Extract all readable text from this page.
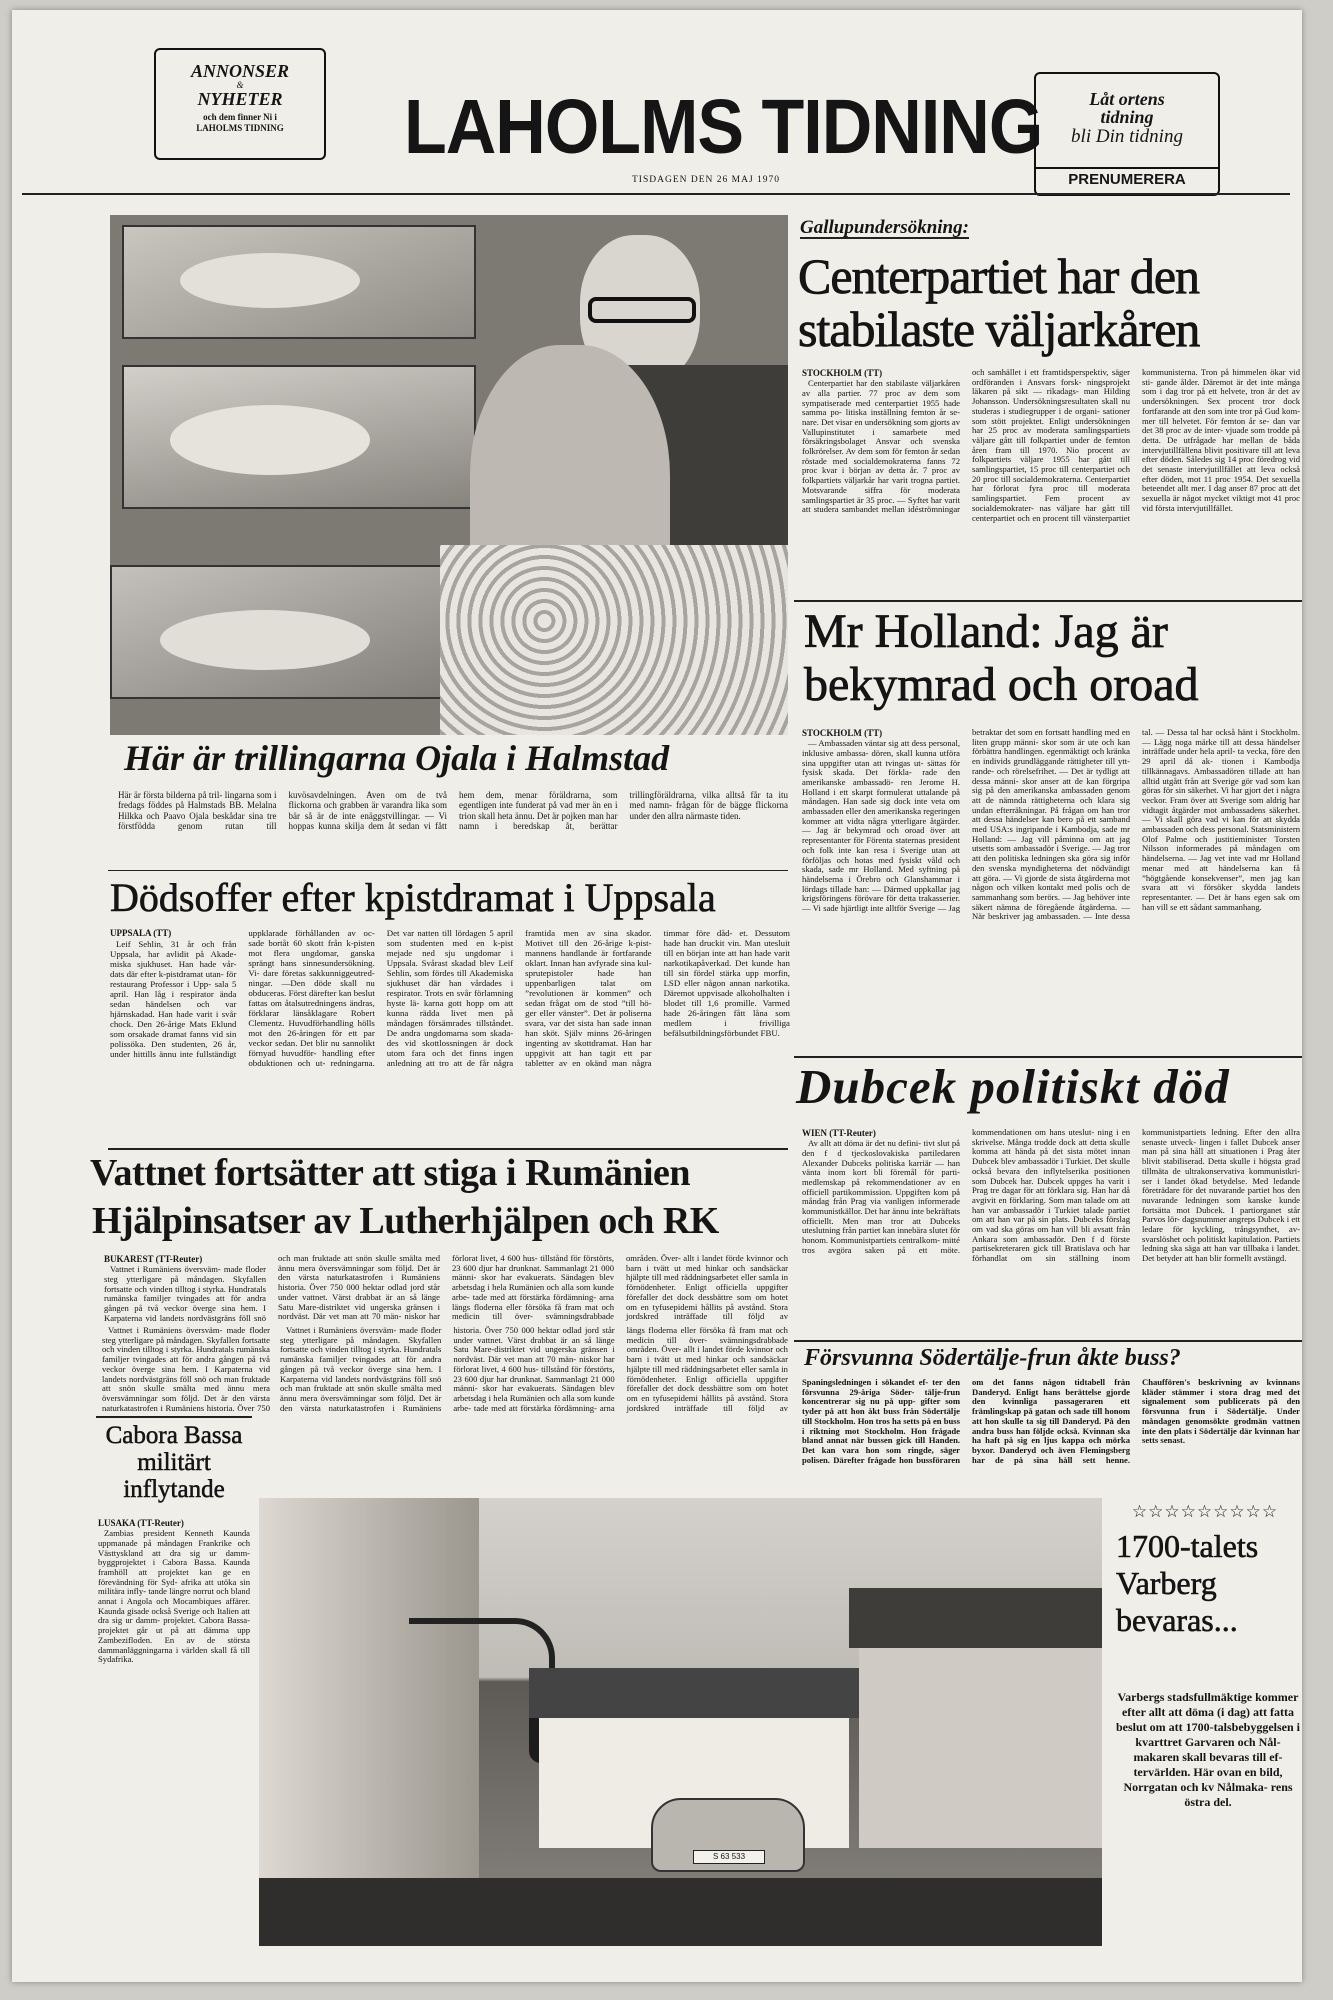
ANNONSER
&
NYHETER
och dem finner Ni i
LAHOLMS TIDNING	LAHOLMS TIDNING
TISDAGEN DEN 26 MAJ 1970
Låt ortens
tidning
bli Din tidning
PRENUMERERA
Här är trillingarna Ojala i Halmstad
Här är första bilderna på tril- lingarna som i fredags föddes på Halmstads BB. Melalna Hilkka och Paavo Ojala beskådar sina tre förstfödda genom rutan till kuvösavdelningen. Aven om de två flickorna och grabben är varandra lika som bär så är de inte enäggstvillingar. — Vi hoppas kunna skilja dem åt sedan vi fått hem dem, menar föräldrarna, som egentligen inte funderat på vad mer än en i trion skall heta ännu. Det är pojken man har namn i beredskap åt, berättar trillingföräldrarna, vilka alltså får ta itu med namn- frågan för de bägge flickorna under den allra närmaste tiden.
Gallupundersökning:
Centerpartiet har den stabilaste väljarkåren

STOCKHOLM (TT)

Centerpartiet har den stabilaste väljarkåren av alla partier. 77 proc av dem som sympatiserade med centerpartiet 1955 hade samma po- litiska inställning femton år se- nare. Det visar en undersökning som gjorts av Vallupinstitutet i samarbete med försäkringsbolaget Ansvar och svenska folkrörelser. Av dem som för femton år sedan röstade med socialdemokraterna fanns 72 proc kvar i början av detta år. 7 proc av folkpartiets väljarkår har varit trogna partiet. Motsvarande siffra för moderata samlingspartiet är 35 proc. — Syftet har varit att studera sambandet mellan idéströmningar och samhället i ett framtidsperspektiv, säger ordföranden i Ansvars forsk- ningsprojekt läkaren på sikt — rikadags- man Hilding Johansson. Undersökningsresultaten skall nu studeras i studiegrupper i de organi- sationer som stött projektet. Enligt undersökningen har 25 proc av moderata samlingspartiets väljare gått till folkpartiet under de femton åren fram till 1970. Nio procent av folkpartiets väljare 1955 har gått till samlingspartiet, 15 proc till centerpartiet och 20 proc till socialdemokraterna. Centerpartiet har förlorat fyra proc till moderata samlingspartiet. Fem procent av socialdemokrater- nas väljare har gått till centerpartiet och en procent till vänsterpartiet kommunisterna. Tron på himmelen ökar vid sti- gande ålder. Däremot är det inte många som i dag tror på ett helvete, tron är det av undersökningen. Sex procent tror dock fortfarande att den som inte tror på Gud kom- mer till helvetet. För femton år se- dan var det 38 proc av de inter- vjuade som trodde på detta. De utfrågade har mellan de båda intervjutillfällena blivit positivare till att leva efter döden. Således sig 14 proc föredrog vid det senaste intervjutillfället att leva också efter döden, mot 11 proc 1954. Det sexuella beteendet allt mer. I dag anser 87 proc att det sexuella är något mycket viktigt mot 41 proc vid första intervjutillfället.

Mr Holland: Jag är bekymrad och oroad

STOCKHOLM (TT)

— Ambassaden väntar sig att dess personal, inklusive ambassa- dören, skall kunna utföra sina uppgifter utan att tvingas ut- sättas för fysisk skada. Det förkla- rade den amerikanske ambassadö- ren Jerome H. Holland i ett skarpt formulerat uttalande på måndagen. Han sade sig dock inte veta om ambassaden eller den amerikanska regeringen kommer att vidta några ytterligare åtgärder. — Jag är bekymrad och oroad över att representanter för Förenta staternas president och folk inte kan resa i Sverige utan att förföljas och hotas med fysiskt våld och skada, sade mr Holland. Med syftning på händelserna i Örebro och Glanshammar i lördags tillade han: — Därmed uppkallar jag krigsföringens förövare för detta trakasserier. — Vi sade hjärtligt inte alltför Sverige — Jag betraktar det som en fortsatt handling med en liten grupp männi- skor som är ute och kan förbättra handlingen. egenmäktigt och kränka en individs grundläggande rättigheter till ytt- rande- och rörelsefrihet. — Det är tydligt att dessa männi- skor anser att de kan förgripa sig på den amerikanska ambassaden genom att de nämnda rättigheterna och klara sig undan efterräkningar. På frågan om han tror att dessa händelser kan bero på ett samband med USA:s ingripande i Kambodja, sade mr Holland: — Jag vill påminna om att jag utsetts som ambassadör i Sverige. — Jag tror att den politiska ledningen ska göra sig inför den svenska myndigheterna det nödvändigt att göra. — Vi gjorde de sista åtgärderna mot någon och vilken kontakt med polis och de sammanhang som berörs. — Jag behöver inte säkert nämna de föregående åtgärderna. — När beskriver jag ambassaden. — Inte dessa tal. — Dessa tal har också hänt i Stockholm. — Lägg noga märke till att dessa händelser inträffade under hela april- ta vecka, före den 29 april då ak- tionen i Kambodja tillkännagavs. Ambassadören tillade att han alltid utgått från att Sverige gör vad som kan göras för sin säkerhet. Vi har gjort det i några veckor. Fram över att Sverige som aldrig har vidtagit åtgärder mot ambassadens säkerhet. — Vi skall göra vad vi kan för att skydda ambassaden och dess personal. Statsministern Olof Palme och justitieminister Torsten Nilsson informerades på måndagen om händelserna. — Jag vet inte vad mr Holland menar med att händelserna kan få ”högtgående konsekvenser”, men jag kan svara att vi försöker skydda landets representanter. — Det är hans egen sak om han vill se ett sådant sammanhang.

Dödsoffer efter kpistdramat i Uppsala

UPPSALA (TT)

Leif Sehlin, 31 år och från Uppsala, har avlidit på Akade- miska sjukhuset. Han hade vår- dats där efter k-pistdramat utan- för restaurang Professor i Upp- sala 5 april. Han låg i respirator ända sedan händelsen och var hjärnskadad. Han hade varit i svår chock. Den 26-årige Mats Eklund som orsakade dramat fanns vid sin polissöka. Den studenten, 26 år, under hittills ännu inte fullständigt uppklarade förhållanden av oc- sade bortåt 60 skott från k-pisten mot flera ungdomar, ganska sprängt hans sinnesundersökning. Vi- dare företas sakkunniggeutred- ningar. —Den döde skall nu obduceras. Först därefter kan beslut fattas om åtalsutredningens ändras, förklarar länsåklagare Robert Clementz. Huvudförhandling hölls mot den 26-åringen för ett par veckor sedan. Det blir nu sannolikt förnyad huvudför- handling efter obduktionen och ut- redningarna. Det var natten till lördagen 5 april som studenten med en k-pist mejade ned sju ungdomar i Uppsala. Svårast skadad blev Leif Sehlin, som fördes till Akademiska sjukhuset där han vårdades i respirator. Trots en svår förlamning hyste lä- karna gott hopp om att kunna rädda livet men på måndagen försämrades tillståndet. De andra ungdomarna som skada- des vid skottlossningen är dock utom fara och det finns ingen anledning att tro att de får några framtida men av sina skador. Motivet till den 26-årige k-pist- mannens handlande är fortfarande oklart. Innan han avfyrade sina kul- sprutepistoler hade han uppenbarligen talat om ”revolutionen är kommen” och sedan frågat om de stod ”till hö- ger eller vänster”. Det är poliserna svara, var det sista han sade innan han sköt. Själv minns 26-åringen ingenting av skottdramat. Han har uppgivit att han tagit ett par tabletter av en okänd man några timmar före dåd- et. Dessutom hade han druckit vin. Man utesluit till en början inte att han hade varit narkotikapåverkad. Det kunde han till sin fördel stärka upp morfin, LSD eller någon annan narkotika. Däremot uppvisade alkoholhalten i blodet till 1,6 promille. Varmed hade 26-åringen fått låna som medlem i frivilliga befälsutbildningsförbundet FBU.

Dubcek politiskt död

WIEN (TT-Reuter)

Av allt att döma är det nu defini- tivt slut på den f d tjeckoslovakiska partiledaren Alexander Dubceks politiska karriär — han vänta inom kort bli föremål för parti- medlemskap på rekommendationer av en officiell partikommission. Uppgiften kom på måndag från Prag via vanligen informerade kommunistkällor. Det har ännu inte bekräftats officiellt. Men man tror att Dubceks uteslutning från partiet kan innebära slutet för honom. Kommunistpartiets centralkom- mitté tros avgöra saken på ett möte. kommendationen om hans uteslut- ning i en skrivelse. Många trodde dock att detta skulle komma att hända på det sista mötet innan Dubcek blev ambassadör i Turkiet. Det skulle också bevara den inflytelserika positionen som Dubcek har. Dubcek uppges ha varit i Prag tre dagar för att förklara sig. Han har då avgivit en förklaring. Som man talade om att han var ambassadör i Turkiet talade partiet om att han var på sin plats. Dubceks förslag om vad ska göras om han vill bli avsatt från Ankara som ambassadör. Den f d förste partisekreteraren gick till Bratislava och har förhandlat om sin ställning inom kommunistpartiets ledning. Efter den allra senaste utveck- lingen i fallet Dubcek anser man på sina håll att situationen i Prag åter blivit stabiliserad. Detta skulle i högsta grad tillmäta de ultrakonservativa kommunistkri- ser i landet ökad betydelse. Med ledande företrädare för det nuvarande partiet hos den nuvarande ledningen som kanske kunde fortsätta mot Dubcek. I partiorganet står Parvos lör- dagsnummer angreps Dubcek i ett ledare för kyckling, trångsynthet, av- svarslöshet och politiskt kapitulation. Partiets ledning ska säga att han var tillbaka i landet. Det betyder att han blir formellt avstängd.

Vattnet fortsätter att stiga i Rumänien
Hjälpinsatser av Lutherhjälpen och RK

BUKAREST (TT-Reuter)

Vattnet i Rumäniens översväm- made floder steg ytterligare på måndagen. Skyfallen fortsatte och vinden tilltog i styrka. Hundratals rumänska familjer tvingades att för andra gången på två veckor överge sina hem. I Karpaterna vid landets nordvästgräns föll snö och man fruktade att snön skulle smälta med ännu mera översvämningar som följd. Det är den värsta naturkatastrofen i Rumäniens historia. Över 750 000 hektar odlad jord står under vattnet. Värst drabbat är an så länge Satu Mare-distriktet vid ungerska gränsen i nordväst. Där vet man att 70 män- niskor har förlorat livet, 4 600 hus- tillstånd för förstörts, 23 600 djur har drunknat. Sammanlagt 21 000 männi- skor har evakuerats. Sändagen blev arbetsdag i hela Rumänien och alla som kunde arbe- tade med att förstärka fördämning- arna längs floderna eller försöka få fram mat och medicin till över- svämningsdrabbade områden. Över- allt i landet förde kvinnor och barn i tvätt ut med hinkar och sandsäckar hjälpte till med räddningsarbetet eller samla in förnödenheter. Enligt officiella uppgifter förefaller det dock dessbättre som om hotet om en tyfusepidemi hållits på avstånd. Stora jordskred inträffade till följd av

Vattnet i Rumäniens översväm- made floder steg ytterligare på måndagen. Skyfallen fortsatte och vinden tilltog i styrka. Hundratals rumänska familjer tvingades att för andra gången på två veckor överge sina hem. I Karpaterna vid landets nordvästgräns föll snö och man fruktade att snön skulle smälta med ännu mera översvämningar som följd. Det är den värsta naturkatastrofen i Rumäniens historia. Över 750

Vattnet i Rumäniens översväm- made floder steg ytterligare på måndagen. Skyfallen fortsatte och vinden tilltog i styrka. Hundratals rumänska familjer tvingades att för andra gången på två veckor överge sina hem. I Karpaterna vid landets nordvästgräns föll snö och man fruktade att snön skulle smälta med ännu mera översvämningar som följd. Det är den värsta naturkatastrofen i Rumäniens historia. Över 750 000 hektar odlad jord står under vattnet. Värst drabbat är an så länge Satu Mare-distriktet vid ungerska gränsen i nordväst. Där vet man att 70 män- niskor har förlorat livet, 4 600 hus- tillstånd för förstörts, 23 600 djur har drunknat. Sammanlagt 21 000 männi- skor har evakuerats. Sändagen blev arbetsdag i hela Rumänien och alla som kunde arbe- tade med att förstärka fördämning- arna längs floderna eller försöka få fram mat och medicin till över- svämningsdrabbade områden. Över- allt i landet förde kvinnor och barn i tvätt ut med hinkar och sandsäckar hjälpte till med räddningsarbetet eller samla in förnödenheter. Enligt officiella uppgifter förefaller det dock dessbättre som om hotet om en tyfusepidemi hållits på avstånd. Stora jordskred inträffade till följd av

Försvunna Södertälje-frun åkte buss?
Spaningsledningen i sökandet ef- ter den försvunna 29-åriga Söder- tälje-frun koncentrerar sig nu på upp- gifter som tyder på att hon åkt buss från Södertälje till Stockholm. Hon tros ha setts på en buss i riktning mot Stockholm. Hon frågade bland annat när bussen gick till Handen. Det kan vara hon som ringde, säger polisen. Därefter frågade hon bussföraren om det fanns någon tidtabell från Danderyd. Enligt hans berättelse gjorde den kvinnliga passageraren ett främlingskap på gatan och sade till honom att hon skulle ta sig till Danderyd. På den andra buss han följde också. Kvinnan ska ha haft på sig en ljus kappa och mörka byxor. Danderyd och även Flemingsberg har de på sina håll sett henne. Chauffören's beskrivning av kvinnans kläder stämmer i stora drag med det signalement som publicerats på den försvunna frun i Södertälje. Under måndagen genomsökte grodmän vattnen inte den plats i Södertälje där kvinnan har setts senast.
Cabora Bassa militärt inflytande

LUSAKA (TT-Reuter)

Zambias president Kenneth Kaunda uppmanade på måndagen Frankrike och Västtyskland att dra sig ur damm-byggprojektet i Cabora Bassa. Kaunda framhöll att projektet kan ge en förevändning för Syd- afrika att utöka sin militära infly- tande längre norrut och bland annat i Angola och Mocambiques affärer. Kaunda gisade också Sverige och Italien att dra sig ur damm- projektet. Cabora Bassa-projektet går ut på att dämma upp Zambezifloden. En av de största dammanläggningarna i världen skall få till Sydafrika.

S 63 533
☆☆☆☆☆☆☆☆☆
1700-talets Varberg bevaras...
Varbergs stadsfullmäktige kommer efter allt att döma (i dag) att fatta beslut om att 1700-talsbebyggelsen i kvarttret Garvaren och Nål- makaren skall bevaras till ef- tervärlden. Här ovan en bild, Norrgatan och kv Nålmaka- rens östra del.
